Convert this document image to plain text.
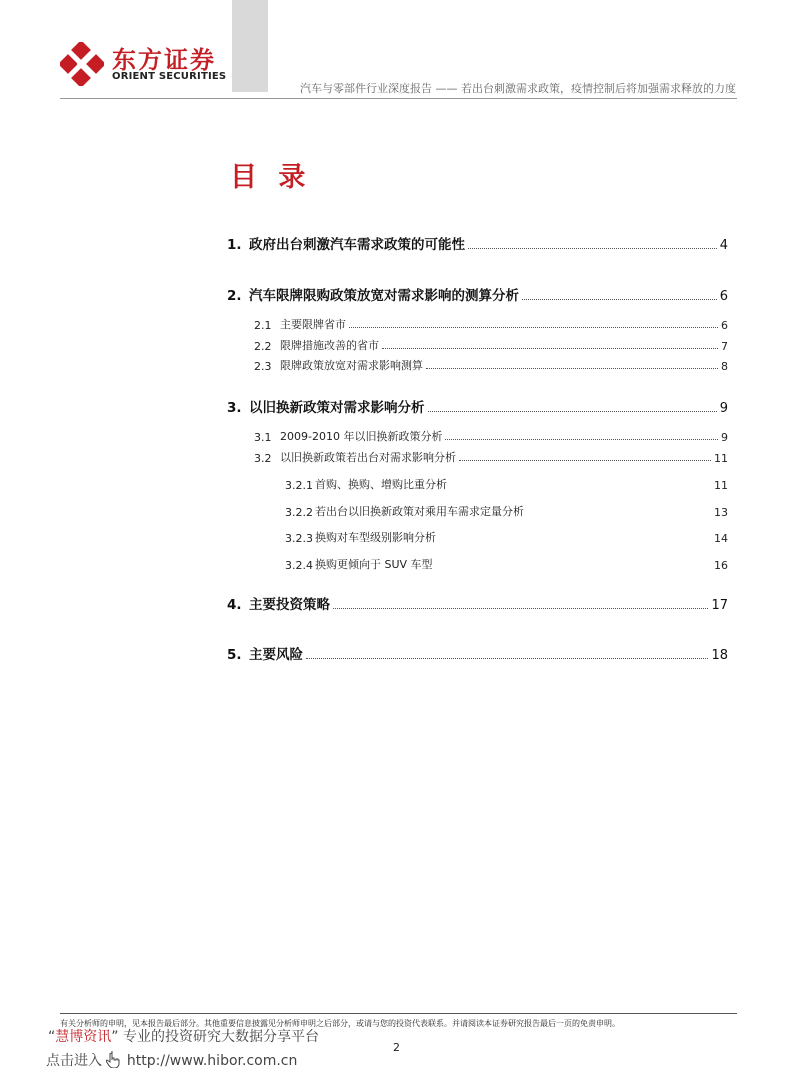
东方证券
ORIENT SECURITIES
汽车与零部件行业深度报告 —— 若出台刺激需求政策，疫情控制后将加强需求释放的力度
目 录
1. 政府出台刺激汽车需求政策的可能性	4
2. 汽车限牌限购政策放宽对需求影响的测算分析	6
2.1 主要限牌省市	6
2.2 限牌措施改善的省市	7
2.3 限牌政策放宽对需求影响测算	8
3. 以旧换新政策对需求影响分析	9
3.1 2009-2010 年以旧换新政策分析	9
3.2 以旧换新政策若出台对需求影响分析	11
3.2.1 首购、换购、增购比重分析	11
3.2.2 若出台以旧换新政策对乘用车需求定量分析	13
3.2.3 换购对车型级别影响分析	14
3.2.4 换购更倾向于 SUV 车型	16
4. 主要投资策略	17
5. 主要风险	18
有关分析师的申明，见本报告最后部分。其他重要信息披露见分析师申明之后部分，或请与您的投资代表联系。并请阅读本证券研究报告最后一页的免责申明。
“慧博资讯” 专业的投资研究大数据分享平台
2
点击进入 http://www.hibor.com.cn
